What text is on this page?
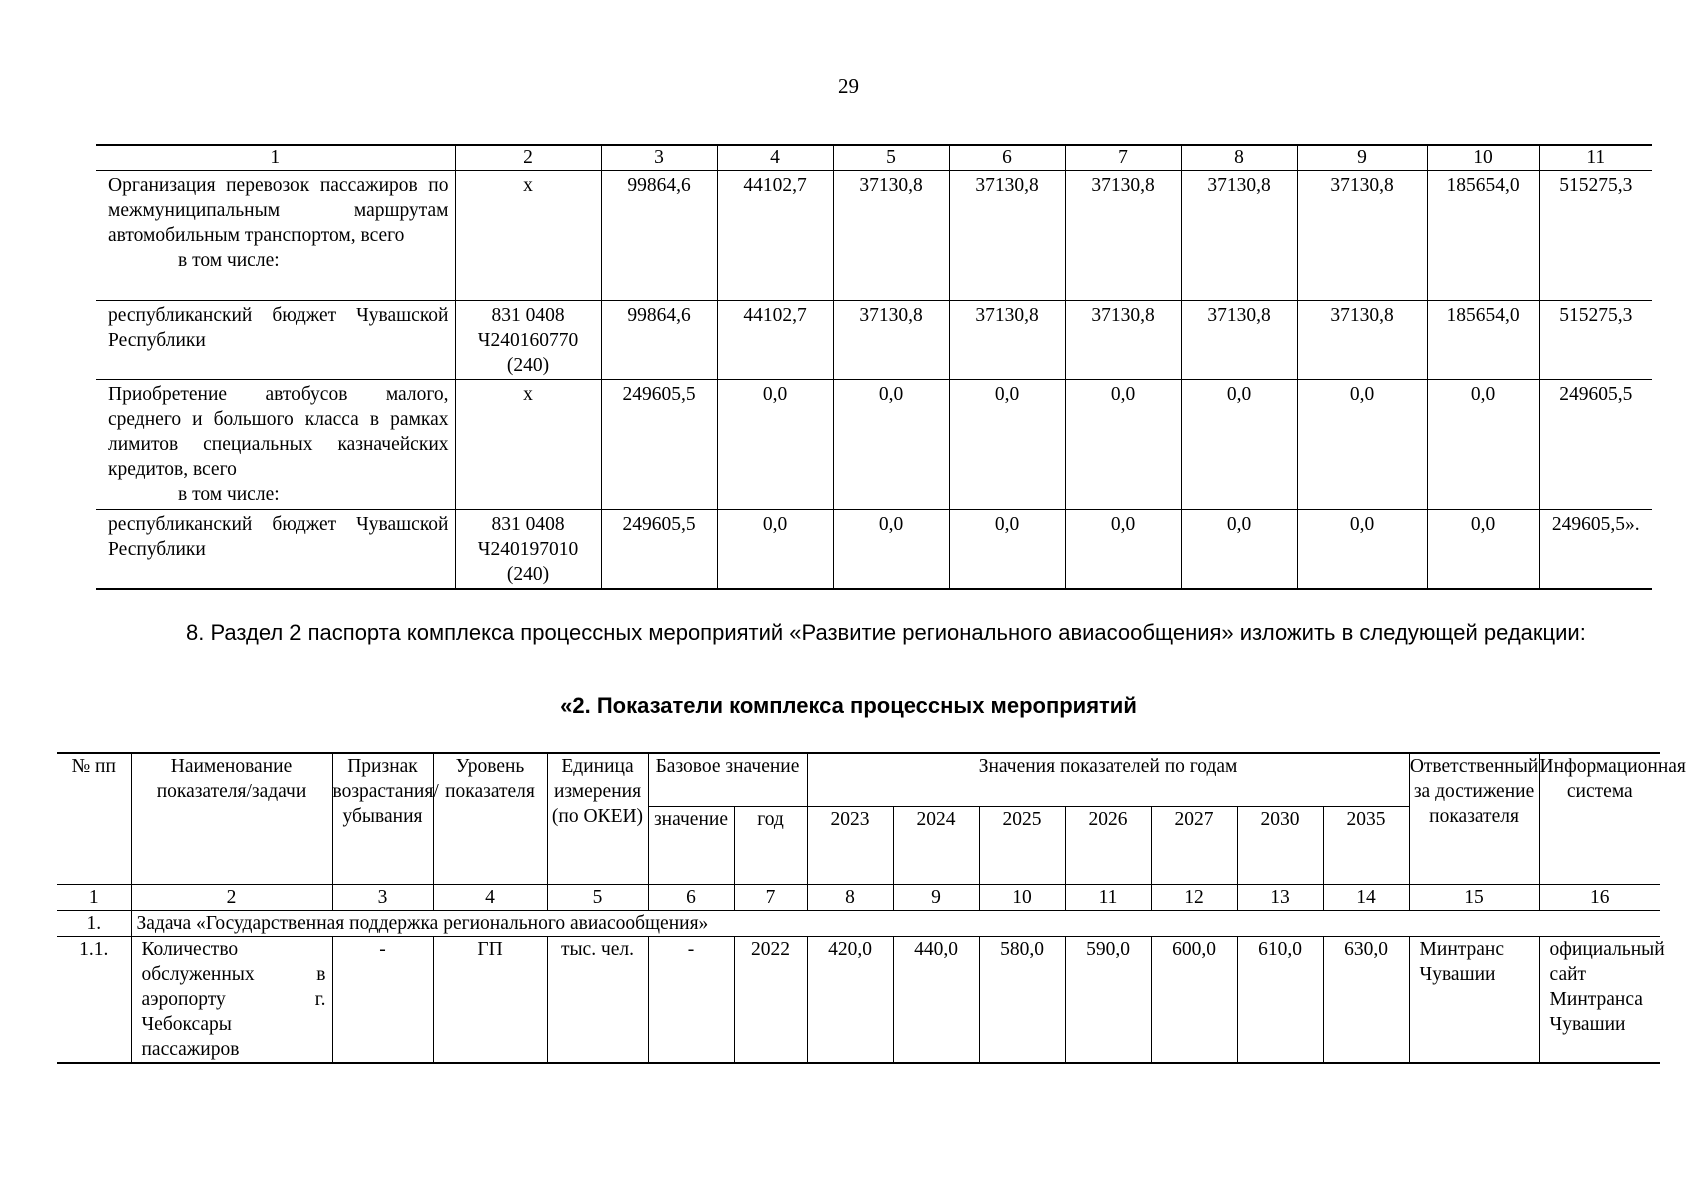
29
1	2	3	4	5	6	7	8	9	10	11
Организация перевозок пассажиров по межмуниципальным маршрутам автомобильным транспортом, всего
в том числе:	x	99864,6	44102,7	37130,8	37130,8	37130,8	37130,8	37130,8	185654,0	515275,3
республиканский бюджет Чувашской Республики	831 0408 Ч240160770 (240)	99864,6	44102,7	37130,8	37130,8	37130,8	37130,8	37130,8	185654,0	515275,3
Приобретение автобусов малого, среднего и большого класса в рамках лимитов специальных казначейских кредитов, всего
в том числе:	x	249605,5	0,0	0,0	0,0	0,0	0,0	0,0	0,0	249605,5
республиканский бюджет Чувашской Республики	831 0408 Ч240197010 (240)	249605,5	0,0	0,0	0,0	0,0	0,0	0,0	0,0	249605,5».
8. Раздел 2 паспорта комплекса процессных мероприятий «Развитие регионального авиасообщения» изложить в следующей редакции:
«2. Показатели комплекса процессных мероприятий
№ пп	Наименование показателя/задачи	Признак возрастания/убывания	Уровень показателя	Единица измерения (по ОКЕИ)	Базовое значение		Значения показателей по годам							Ответственный за достижение показателя	Информационная система
					значение	год	2023	2024	2025	2026	2027	2030	2035		
1	2	3	4	5	6	7	8	9	10	11	12	13	14	15	16
1.	Задача «Государственная поддержка регионального авиасообщения»														
1.1.	Количество обслуженных в аэропорту г. Чебоксары пассажиров	-	ГП	тыс. чел.	-	2022	420,0	440,0	580,0	590,0	600,0	610,0	630,0	Минтранс Чувашии	официальный сайт Минтранса Чувашии
